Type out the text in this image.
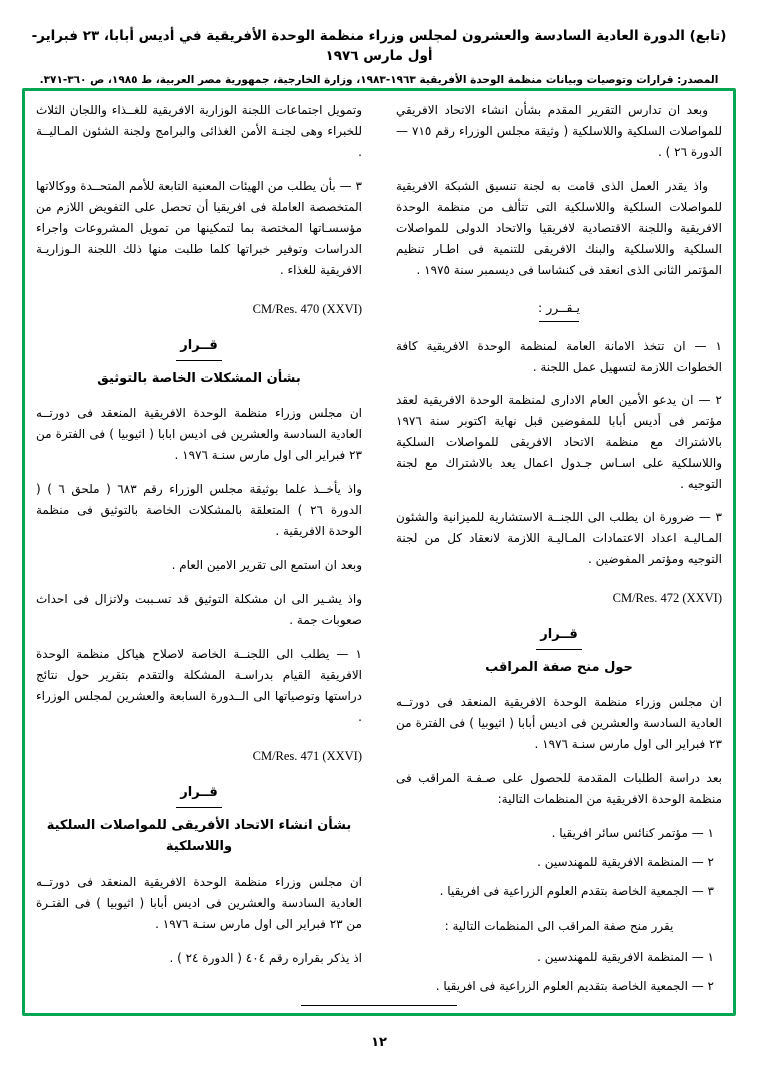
(تابع) الدورة العادية السادسة والعشرون لمجلس وزراء منظمة الوحدة الأفريقية في أديس أبابا، ٢٣ فبراير- أول مارس ١٩٧٦
المصدر: قرارات وتوصيات وبيانات منظمة الوحدة الأفريقية ١٩٦٣-١٩٨٣، وزارة الخارجية، جمهورية مصر العربية، ط ١٩٨٥، ص ٣٦٠-٣٧١.

وبعد ان تدارس التقرير المقدم بشأن انشاء الاتحاد الافريقي للمواصلات السلكية واللاسلكية ( وثيقة مجلس الوزراء رقم ٧١٥ — الدورة ٢٦ ) .

واذ يقدر العمل الذى قامت به لجنة تنسيق الشبكة الافريقية للمواصلات السلكية واللاسلكية التى تتألف من منظمة الوحدة الافريقية واللجنة الاقتصادية لافريقيا والاتحاد الدولى للمواصلات السلكية واللاسلكية والبنك الافريقى للتنمية فى اطـار تنظيم المؤتمر الثانى الذى انعقد فى كنشاسا فى ديسمبر سنة ١٩٧٥ .

يـقــرر :

١ — ان تتخذ الامانة العامة لمنظمة الوحدة الافريقية كافة الخطوات اللازمة لتسهيل عمل اللجنة .

٢ — ان يدعو الأمين العام الادارى لمنظمة الوحدة الافريقية لعقد مؤتمر فى أديس أبابا للمفوضين قبل نهاية اكتوبر سنة ١٩٧٦ بالاشتراك مع منظمة الاتحاد الافريقى للمواصلات السلكية واللاسلكية على اسـاس جـدول اعمال يعد بالاشتراك مع لجنة التوجيه .

٣ — ضرورة ان يطلب الى اللجنــة الاستشارية للميزانية والشئون المـاليـة اعداد الاعتمادات المـاليـة اللازمة لانعقاد كل من لجنة التوجيه ومؤتمر المفوضين .

CM/Res. 472 (XXVI)
قــرار
حول منح صفة المراقب

ان مجلس وزراء منظمة الوحدة الافريقية المنعقد فى دورتــه العادية السادسة والعشرين فى اديس أبابا ( اثيوبيا ) فى الفترة من ٢٣ فبراير الى اول مارس سنـة ١٩٧٦ .

بعد دراسة الطلبات المقدمة للحصول على صـفـة المراقب فى منظمة الوحدة الافريقية من المنظمات التالية:

١ — مؤتمر كنائس سائر افريقيا .

٢ — المنظمة الافريقية للمهندسين .

٣ — الجمعية الخاصة بتقدم العلوم الزراعية فى افريقيا .

يقرر منح صفة المراقب الى المنظمات التالية :

١ — المنظمة الافريقية للمهندسين .

٢ — الجمعية الخاصة بتقديم العلوم الزراعية فى افريقيا .

وتمويل اجتماعات اللجنة الوزارية الافريقية للغــذاء واللجان الثلاث للخبراء وهى لجنـة الأمن الغذائى والبرامج ولجنة الشئون المـاليــة .

٣ — بأن يطلب من الهيئات المعنية التابعة للأمم المتحــدة ووكالاتها المتخصصة العاملة فى افريقيا أن تحصل على التفويض اللازم من مؤسسـاتها المختصة بما لتمكينها من تمويل المشروعات واجراء الدراسات وتوفير خبراتها كلما طلبت منها ذلك اللجنة الـوزاريـة الافريقية للغذاء .

CM/Res. 470 (XXVI)
قــرار
بشأن المشكلات الخاصة بالتوثيق

ان مجلس وزراء منظمة الوحدة الافريقية المنعقد فى دورتــه العادية السادسة والعشرين فى اديس ابابا ( اثيوبيا ) فى الفترة من ٢٣ فبراير الى اول مارس سنـة ١٩٧٦ .

واذ يأخــذ علما بوثيقة مجلس الوزراء رقم ٦٨٣ ( ملحق ٦ ) ( الدورة ٢٦ ) المتعلقة بالمشكلات الخاصة بالتوثيق فى منظمة الوحدة الافريقية .

وبعد ان استمع الى تقرير الامين العام .

واذ يشـير الى ان مشكلة التوثيق قد تسـببت ولاتزال فى احداث صعوبات جمة .

١ — يطلب الى اللجنــة الخاصة لاصلاح هياكل منظمة الوحدة الافريقية القيام بدراسـة المشكلة والتقدم بتقرير حول نتائج دراستها وتوصياتها الى الــدورة السابعة والعشرين لمجلس الوزراء .

CM/Res. 471 (XXVI)
قــرار
بشأن انشاء الاتحاد الأفريقى للمواصلات السلكية واللاسلكية

ان مجلس وزراء منظمة الوحدة الافريقية المنعقد فى دورتــه العادية السادسة والعشرين فى اديس أبابا ( اثيوبيا ) فى الفتـرة من ٢٣ فبراير الى اول مارس سنـة ١٩٧٦ .

اذ يذكر بقراره رقم ٤٠٤ ( الدورة ٢٤ ) .

١٢
